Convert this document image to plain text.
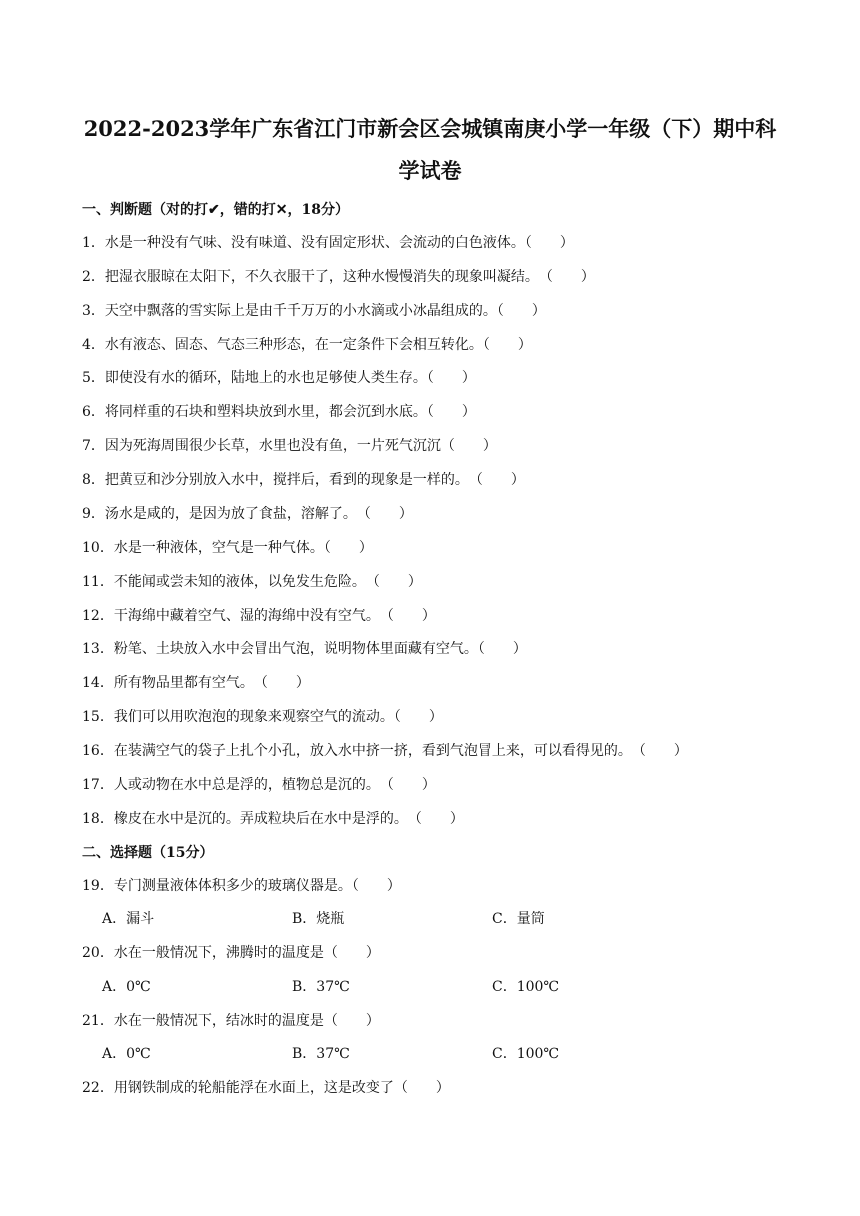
2022-2023学年广东省江门市新会区会城镇南庚小学一年级（下）期中科
学试卷
一、判断题（对的打✔，错的打✕，18分）
1．水是一种没有气味、没有味道、没有固定形状、会流动的白色液体。（　　）
2．把湿衣服晾在太阳下，不久衣服干了，这种水慢慢消失的现象叫凝结。　（　　）
3．天空中飘落的雪实际上是由千千万万的小水滴或小冰晶组成的。（　　）
4．水有液态、固态、气态三种形态，在一定条件下会相互转化。（　　）
5．即使没有水的循环，陆地上的水也足够使人类生存。（　　）
6．将同样重的石块和塑料块放到水里，都会沉到水底。（　　）
7．因为死海周围很少长草，水里也没有鱼，一片死气沉沉（　　）
8．把黄豆和沙分别放入水中，搅拌后，看到的现象是一样的。　（　　）
9．汤水是咸的，是因为放了食盐，溶解了。　（　　）
10．水是一种液体，空气是一种气体。（　　）
11．不能闻或尝未知的液体，以免发生危险。　（　　）
12．干海绵中藏着空气、湿的海绵中没有空气。　（　　）
13．粉笔、土块放入水中会冒出气泡，说明物体里面藏有空气。（　　）
14．所有物品里都有空气。　（　　）
15．我们可以用吹泡泡的现象来观察空气的流动。（　　）
16．在装满空气的袋子上扎个小孔，放入水中挤一挤，看到气泡冒上来，可以看得见的。　（　　）
17．人或动物在水中总是浮的，植物总是沉的。　（　　）
18．橡皮在水中是沉的。弄成粒块后在水中是浮的。　（　　）
二、选择题（15分）
19．专门测量液体体积多少的玻璃仪器是。（　　）
A．漏斗	B．烧瓶	C．量筒
20．水在一般情况下，沸腾时的温度是（　　）
A．0℃	B．37℃	C．100℃
21．水在一般情况下，结冰时的温度是（　　）
A．0℃	B．37℃	C．100℃
22．用钢铁制成的轮船能浮在水面上，这是改变了（　　）
